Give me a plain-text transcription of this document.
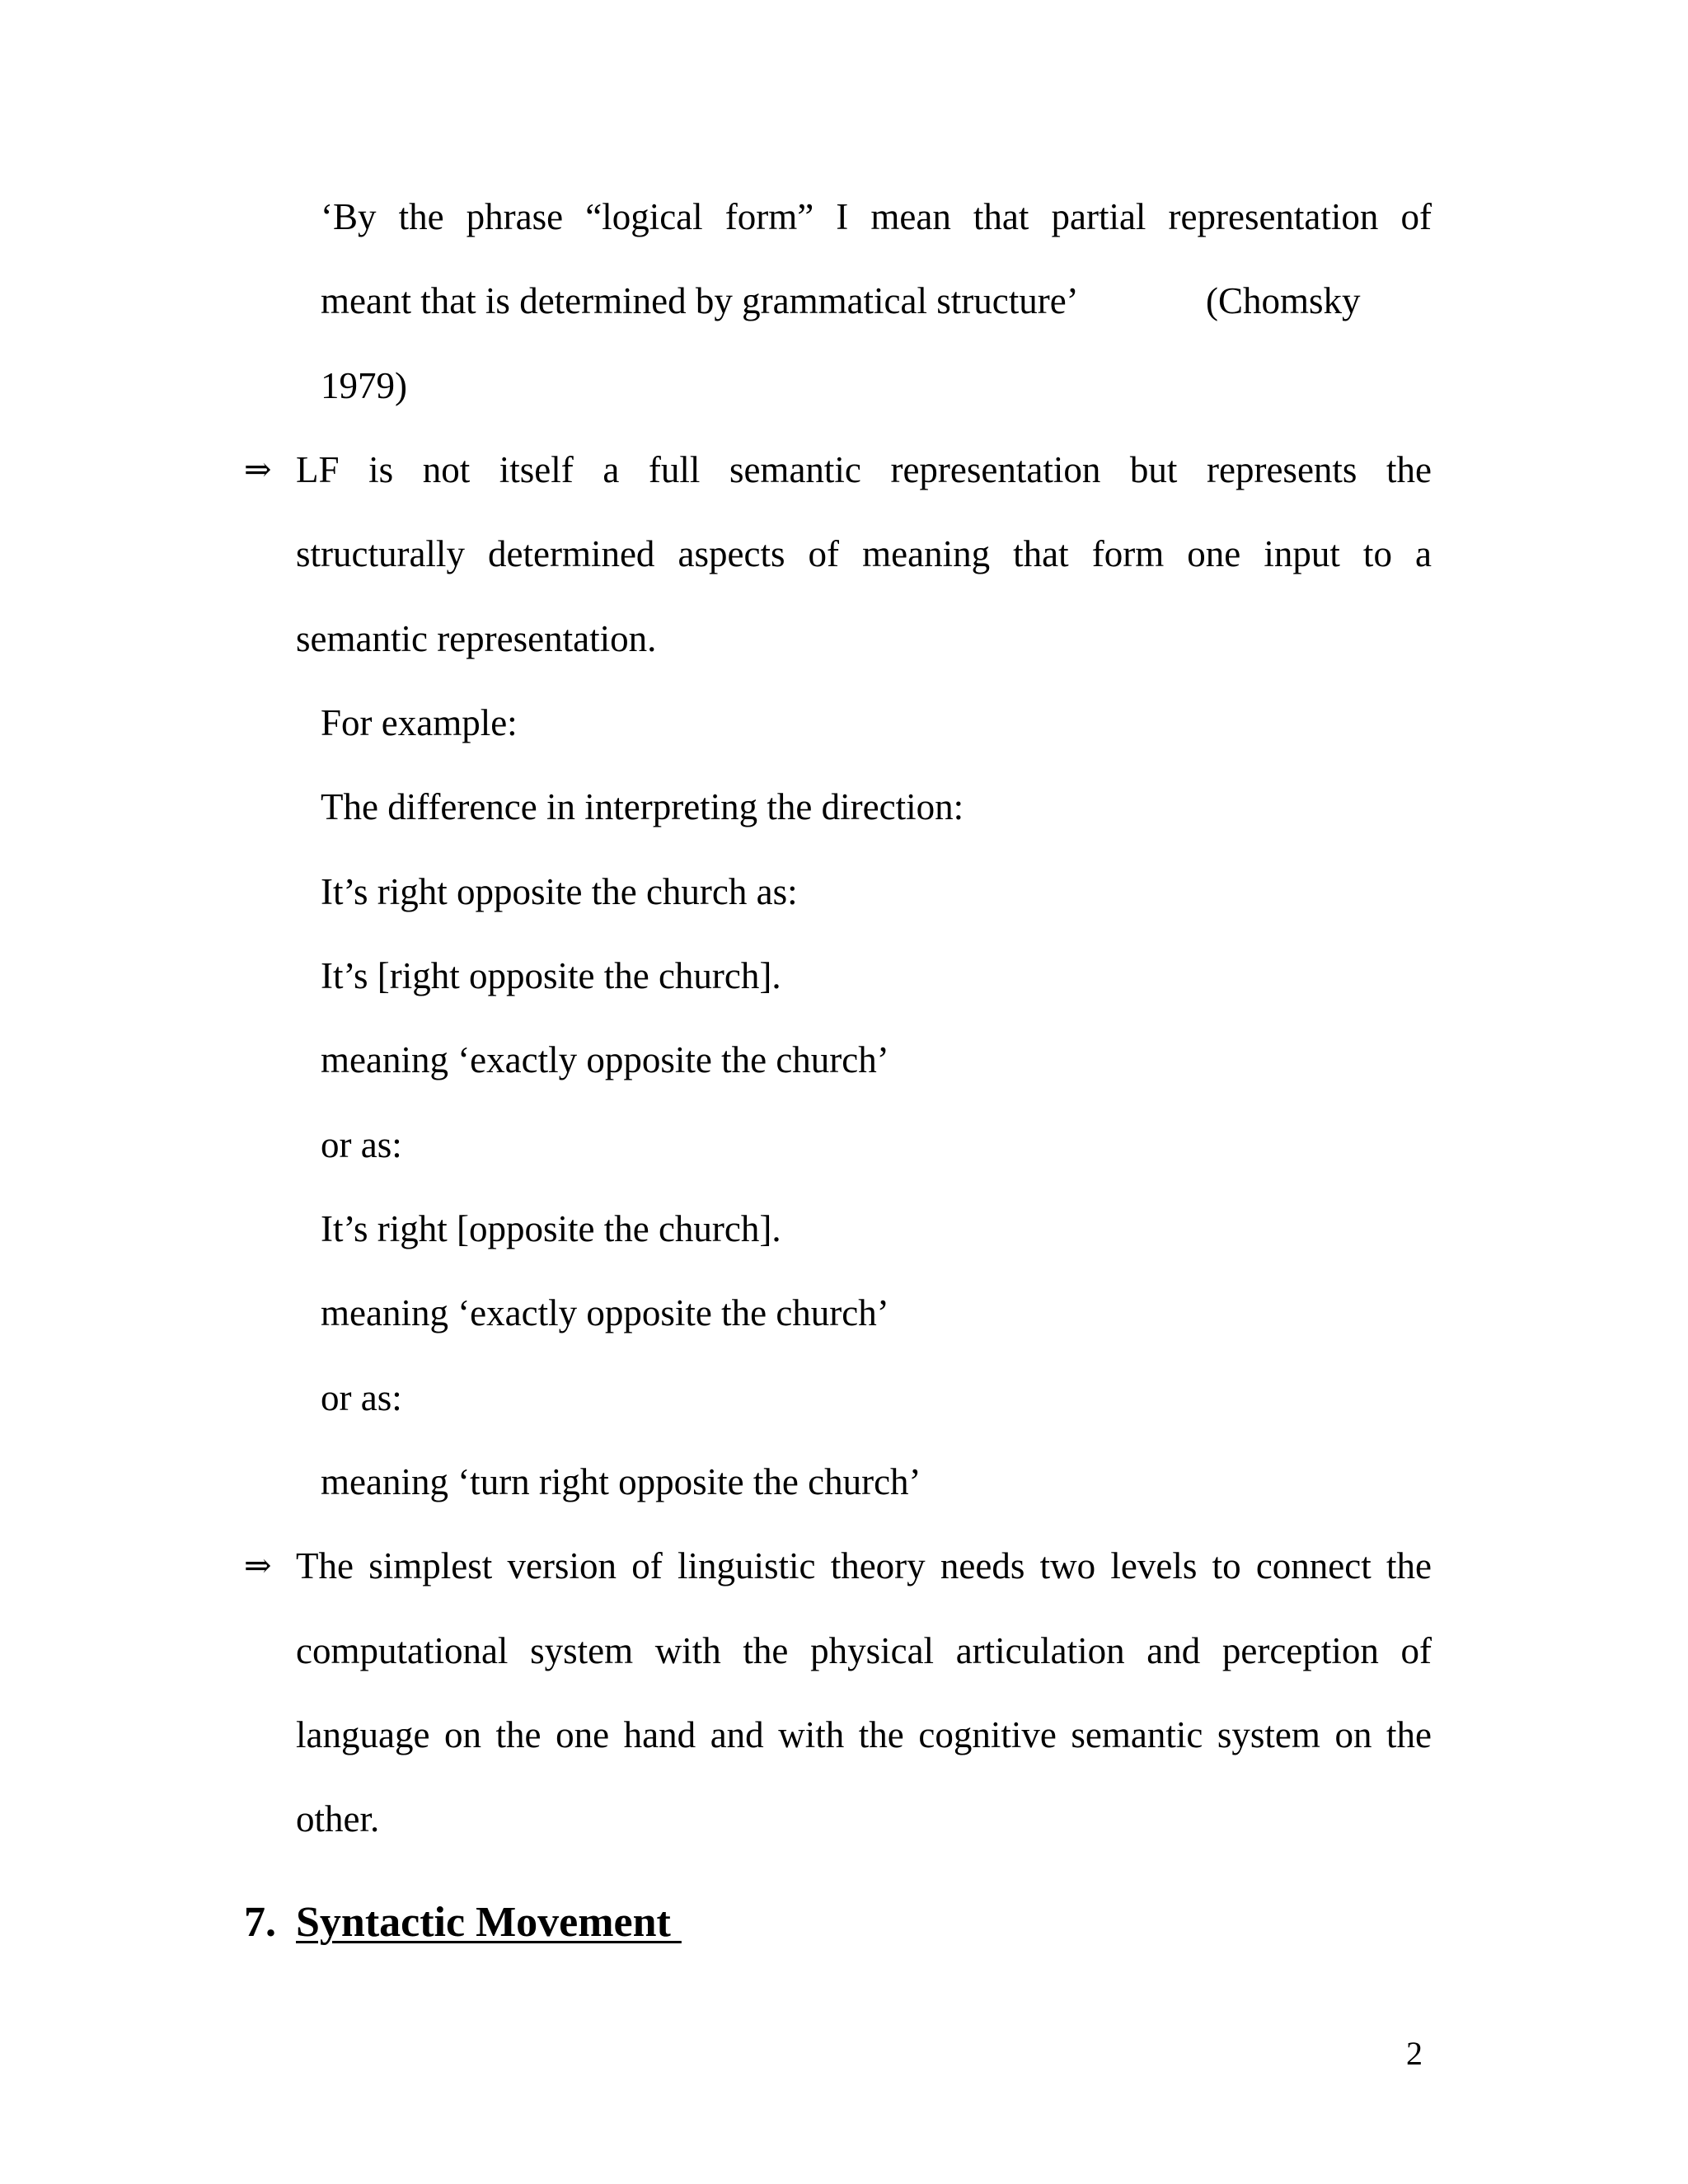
‘By the phrase “logical form” I mean that partial representation of

meant that is determined by grammatical structure’	(Chomsky

1979)

⇒ LF is not itself a full semantic representation but represents the

structurally determined aspects of meaning that form one input to a

semantic representation.

For example:

The difference in interpreting the direction:

It’s right opposite the church as:

It’s [right opposite the church].

meaning ‘exactly opposite the church’

or as:

It’s right [opposite the church].

meaning ‘exactly opposite the church’

or as:

meaning ‘turn right opposite the church’

⇒ The simplest version of linguistic theory needs two levels to connect the

computational system with the physical articulation and perception of

language on the one hand and with the cognitive semantic system on the

other.

7. Syntactic Movement
2
